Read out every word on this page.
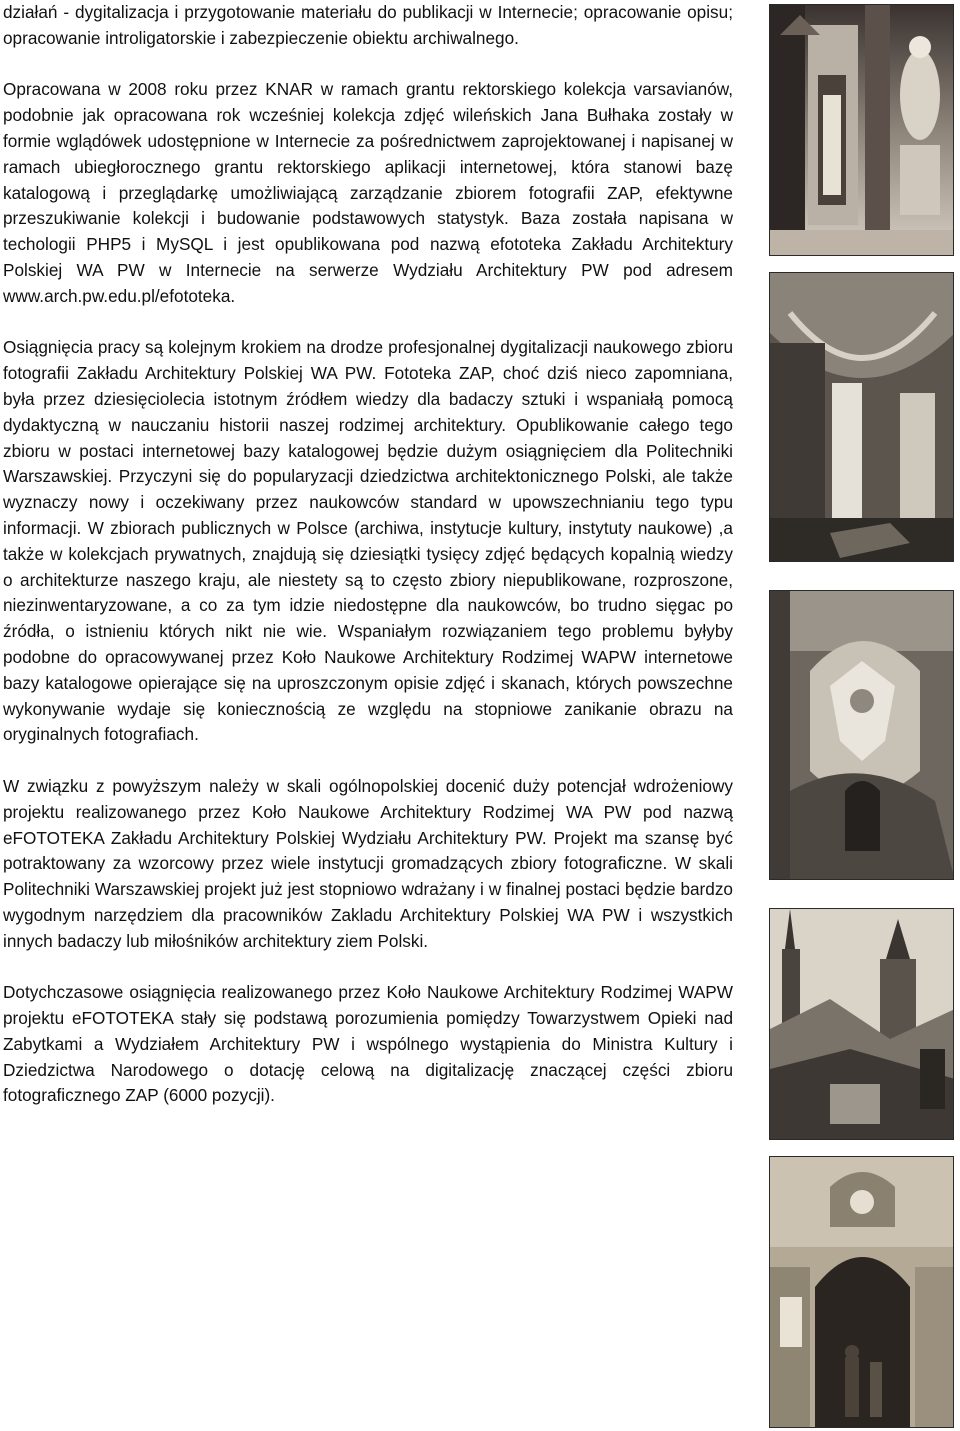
działań - dygitalizacja i przygotowanie materiału do publikacji w Internecie; opracowanie opisu; opracowanie introligatorskie i zabezpieczenie obiektu archiwalnego.

Opracowana w 2008 roku przez KNAR w ramach grantu rektorskiego kolekcja varsavianów, podobnie jak opracowana rok wcześniej kolekcja zdjęć wileńskich Jana Bułhaka zostały w formie wglądówek udostępnione w Internecie za pośrednictwem zaprojektowanej i napisanej w ramach ubiegłorocznego grantu rektorskiego aplikacji internetowej, która stanowi bazę katalogową i przeglądarkę umożliwiającą zarządzanie zbiorem fotografii ZAP, efektywne przeszukiwanie kolekcji i budowanie podstawowych statystyk. Baza została napisana w techologii PHP5 i MySQL i jest opublikowana pod nazwą efototeka Zakładu Architektury Polskiej WA PW w Internecie na serwerze Wydziału Architektury PW pod adresem www.arch.pw.edu.pl/efototeka.

Osiągnięcia pracy są kolejnym krokiem na drodze profesjonalnej dygitalizacji naukowego zbioru fotografii Zakładu Architektury Polskiej WA PW. Fototeka ZAP, choć dziś nieco zapomniana, była przez dziesięciolecia istotnym źródłem wiedzy dla badaczy sztuki i wspaniałą pomocą dydaktyczną w nauczaniu historii naszej rodzimej architektury. Opublikowanie całego tego zbioru w postaci internetowej bazy katalogowej będzie dużym osiągnięciem dla Politechniki Warszawskiej. Przyczyni się do popularyzacji dziedzictwa architektonicznego Polski, ale także wyznaczy nowy i oczekiwany przez naukowców standard w upowszechnianiu tego typu informacji. W zbiorach publicznych w Polsce (archiwa, instytucje kultury, instytuty naukowe) ,a także w kolekcjach prywatnych, znajdują się dziesiątki tysięcy zdjęć będących kopalnią wiedzy o architekturze naszego kraju, ale niestety są to często zbiory niepublikowane, rozproszone, niezinwentaryzowane, a co za tym idzie niedostępne dla naukowców, bo trudno sięgac po źródła, o istnieniu których nikt nie wie. Wspaniałym rozwiązaniem tego problemu byłyby podobne do opracowywanej przez Koło Naukowe Architektury Rodzimej WAPW internetowe bazy katalogowe opierające się na uproszczonym opisie zdjęć i skanach, których powszechne wykonywanie wydaje się koniecznością ze względu na stopniowe zanikanie obrazu na oryginalnych fotografiach.

W związku z powyższym należy w skali ogólnopolskiej docenić duży potencjał wdrożeniowy projektu realizowanego przez Koło Naukowe Architektury Rodzimej WA PW pod nazwą eFOTOTEKA Zakładu Architektury Polskiej Wydziału Architektury PW. Projekt ma szansę być potraktowany za wzorcowy przez wiele instytucji gromadzących zbiory fotograficzne. W skali Politechniki Warszawskiej projekt już jest stopniowo wdrażany i w finalnej postaci będzie bardzo wygodnym narzędziem dla pracowników Zakladu Architektury Polskiej WA PW i wszystkich innych badaczy lub miłośników architektury ziem Polski.

Dotychczasowe osiągnięcia realizowanego przez Koło Naukowe Architektury Rodzimej WAPW projektu eFOTOTEKA stały się podstawą porozumienia pomiędzy Towarzystwem Opieki nad Zabytkami a Wydziałem Architektury PW i wspólnego wystąpienia do Ministra Kultury i Dziedzictwa Narodowego o dotację celową na digitalizację znaczącej części zbioru fotograficznego ZAP (6000 pozycji).
